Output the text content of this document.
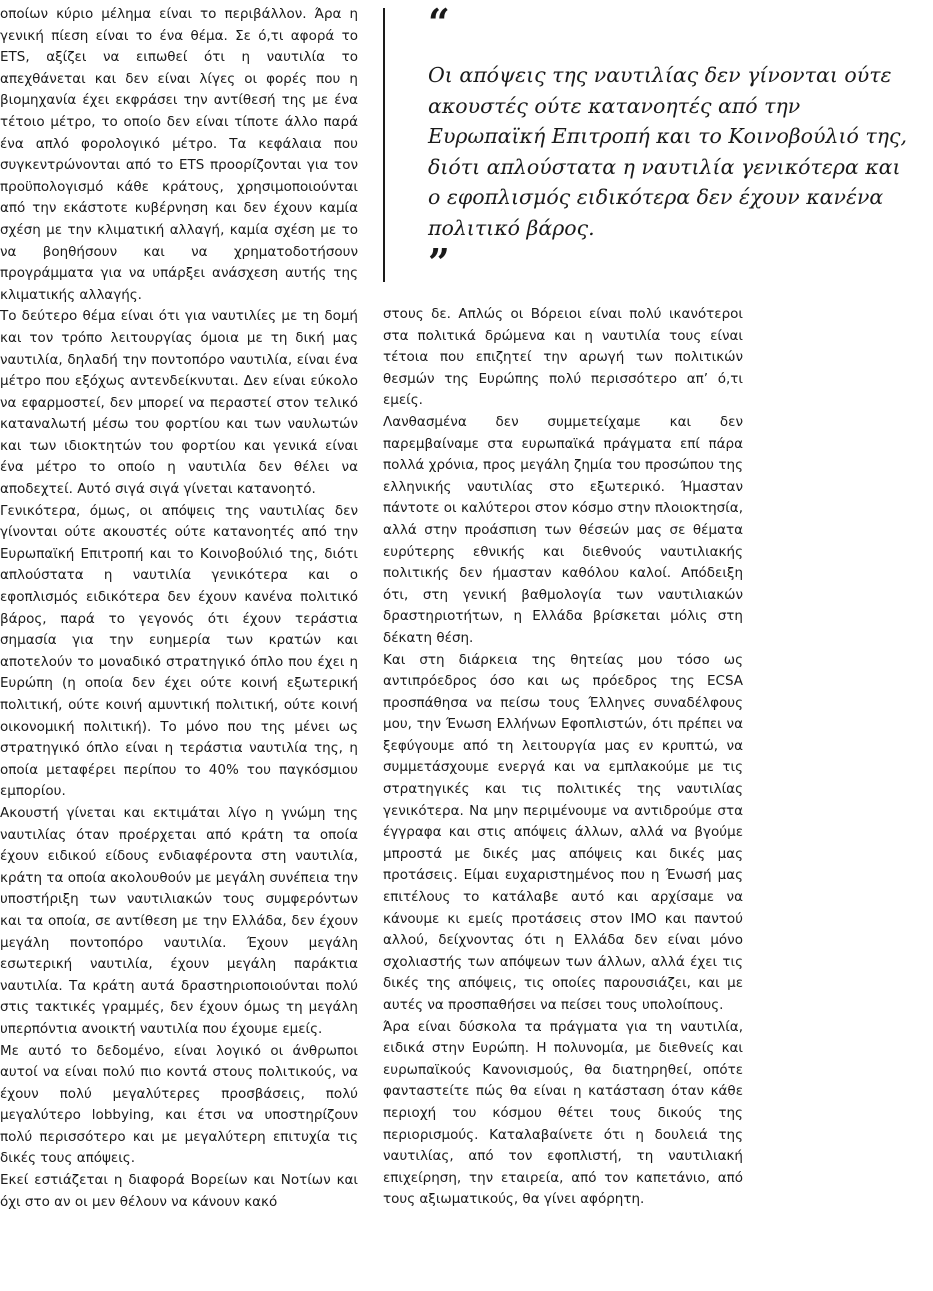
“

Οι απόψεις της ναυτιλίας δεν γίνονται ούτε ακουστές ούτε κατανοητές από την Ευρωπαϊκή Επιτροπή και το Κοινοβούλιό της, διότι απλούστατα η ναυτιλία γενικότερα και ο εφοπλισμός ειδικότερα δεν έχουν κανένα πολιτικό βάρος.

”

οποίων κύριο μέλημα είναι το περιβάλλον. Άρα η γενική πίεση είναι το ένα θέμα. Σε ό,τι αφορά το ETS, αξίζει να ειπωθεί ότι η ναυτιλία το απεχθάνεται και δεν είναι λίγες οι φορές που η βιομηχανία έχει εκφράσει την αντίθεσή της με ένα τέτοιο μέτρο, το οποίο δεν είναι τίποτε άλλο παρά ένα απλό φορολογικό μέτρο. Τα κεφάλαια που συγκεντρώνονται από το ETS προορίζονται για τον προϋπολογισμό κάθε κράτους, χρησιμοποιούνται από την εκάστοτε κυβέρνηση και δεν έχουν καμία σχέση με την κλιματική αλλαγή, καμία σχέση με το να βοηθήσουν και να χρηματοδοτήσουν προγράμματα για να υπάρξει ανάσχεση αυτής της κλιματικής αλλαγής.

Το δεύτερο θέμα είναι ότι για ναυτιλίες με τη δομή και τον τρόπο λειτουργίας όμοια με τη δική μας ναυτιλία, δηλαδή την ποντοπόρο ναυτιλία, είναι ένα μέτρο που εξόχως αντενδείκνυται. Δεν είναι εύκολο να εφαρμοστεί, δεν μπορεί να περαστεί στον τελικό καταναλωτή μέσω του φορτίου και των ναυλωτών και των ιδιοκτητών του φορτίου και γενικά είναι ένα μέτρο το οποίο η ναυτιλία δεν θέλει να αποδεχτεί. Αυτό σιγά σιγά γίνεται κατανοητό.

Γενικότερα, όμως, οι απόψεις της ναυτιλίας δεν γίνονται ούτε ακουστές ούτε κατανοητές από την Ευρωπαϊκή Επιτροπή και το Κοινοβούλιό της, διότι απλούστατα η ναυτιλία γενικότερα και ο εφοπλισμός ειδικότερα δεν έχουν κανένα πολιτικό βάρος, παρά το γεγονός ότι έχουν τεράστια σημασία για την ευημερία των κρατών και αποτελούν το μοναδικό στρατηγικό όπλο που έχει η Ευρώπη (η οποία δεν έχει ούτε κοινή εξωτερική πολιτική, ούτε κοινή αμυντική πολιτική, ούτε κοινή οικονομική πολιτική). Το μόνο που της μένει ως στρατηγικό όπλο είναι η τεράστια ναυτιλία της, η οποία μεταφέρει περίπου το 40% του παγκόσμιου εμπορίου.

Ακουστή γίνεται και εκτιμάται λίγο η γνώμη της ναυτιλίας όταν προέρχεται από κράτη τα οποία έχουν ειδικού είδους ενδιαφέροντα στη ναυτιλία, κράτη τα οποία ακολουθούν με μεγάλη συνέπεια την υποστήριξη των ναυτιλιακών τους συμφερόντων και τα οποία, σε αντίθεση με την Ελλάδα, δεν έχουν μεγάλη ποντοπόρο ναυτιλία. Έχουν μεγάλη εσωτερική ναυτιλία, έχουν μεγάλη παράκτια ναυτιλία. Τα κράτη αυτά δραστηριοποιούνται πολύ στις τακτικές γραμμές, δεν έχουν όμως τη μεγάλη υπερπόντια ανοικτή ναυτιλία που έχουμε εμείς.

Με αυτό το δεδομένο, είναι λογικό οι άνθρωποι αυτοί να είναι πολύ πιο κοντά στους πολιτικούς, να έχουν πολύ μεγαλύτερες προσβάσεις, πολύ μεγαλύτερο lobbying, και έτσι να υποστηρίζουν πολύ περισσότερο και με μεγαλύτερη επιτυχία τις δικές τους απόψεις.

Εκεί εστιάζεται η διαφορά Βορείων και Νοτίων και όχι στο αν οι μεν θέλουν να κάνουν κακό

στους δε. Απλώς οι Βόρειοι είναι πολύ ικανότεροι στα πολιτικά δρώμενα και η ναυτιλία τους είναι τέτοια που επιζητεί την αρωγή των πολιτικών θεσμών της Ευρώπης πολύ περισσότερο απ’ ό,τι εμείς.

Λανθασμένα δεν συμμετείχαμε και δεν παρεμβαίναμε στα ευρωπαϊκά πράγματα επί πάρα πολλά χρόνια, προς μεγάλη ζημία του προσώπου της ελληνικής ναυτιλίας στο εξωτερικό. Ήμασταν πάντοτε οι καλύτεροι στον κόσμο στην πλοιοκτησία, αλλά στην προάσπιση των θέσεών μας σε θέματα ευρύτερης εθνικής και διεθνούς ναυτιλιακής πολιτικής δεν ήμασταν καθόλου καλοί. Απόδειξη ότι, στη γενική βαθμολογία των ναυτιλιακών δραστηριοτήτων, η Ελλάδα βρίσκεται μόλις στη δέκατη θέση.

Και στη διάρκεια της θητείας μου τόσο ως αντιπρόεδρος όσο και ως πρόεδρος της ECSA προσπάθησα να πείσω τους Έλληνες συναδέλφους μου, την Ένωση Ελλήνων Εφοπλιστών, ότι πρέπει να ξεφύγουμε από τη λειτουργία μας εν κρυπτώ, να συμμετάσχουμε ενεργά και να εμπλακούμε με τις στρατηγικές και τις πολιτικές της ναυτιλίας γενικότερα. Να μην περιμένουμε να αντιδρούμε στα έγγραφα και στις απόψεις άλλων, αλλά να βγούμε μπροστά με δικές μας απόψεις και δικές μας προτάσεις. Είμαι ευχαριστημένος που η Ένωσή μας επιτέλους το κατάλαβε αυτό και αρχίσαμε να κάνουμε κι εμείς προτάσεις στον IMO και παντού αλλού, δείχνοντας ότι η Ελλάδα δεν είναι μόνο σχολιαστής των απόψεων των άλλων, αλλά έχει τις δικές της απόψεις, τις οποίες παρουσιάζει, και με αυτές να προσπαθήσει να πείσει τους υπολοίπους.

Άρα είναι δύσκολα τα πράγματα για τη ναυτιλία, ειδικά στην Ευρώπη. Η πολυνομία, με διεθνείς και ευρωπαϊκούς Κανονισμούς, θα διατηρηθεί, οπότε φανταστείτε πώς θα είναι η κατάσταση όταν κάθε περιοχή του κόσμου θέτει τους δικούς της περιορισμούς. Καταλαβαίνετε ότι η δουλειά της ναυτιλίας, από τον εφοπλιστή, τη ναυτιλιακή επιχείρηση, την εταιρεία, από τον καπετάνιο, από τους αξιωματικούς, θα γίνει αφόρητη.
